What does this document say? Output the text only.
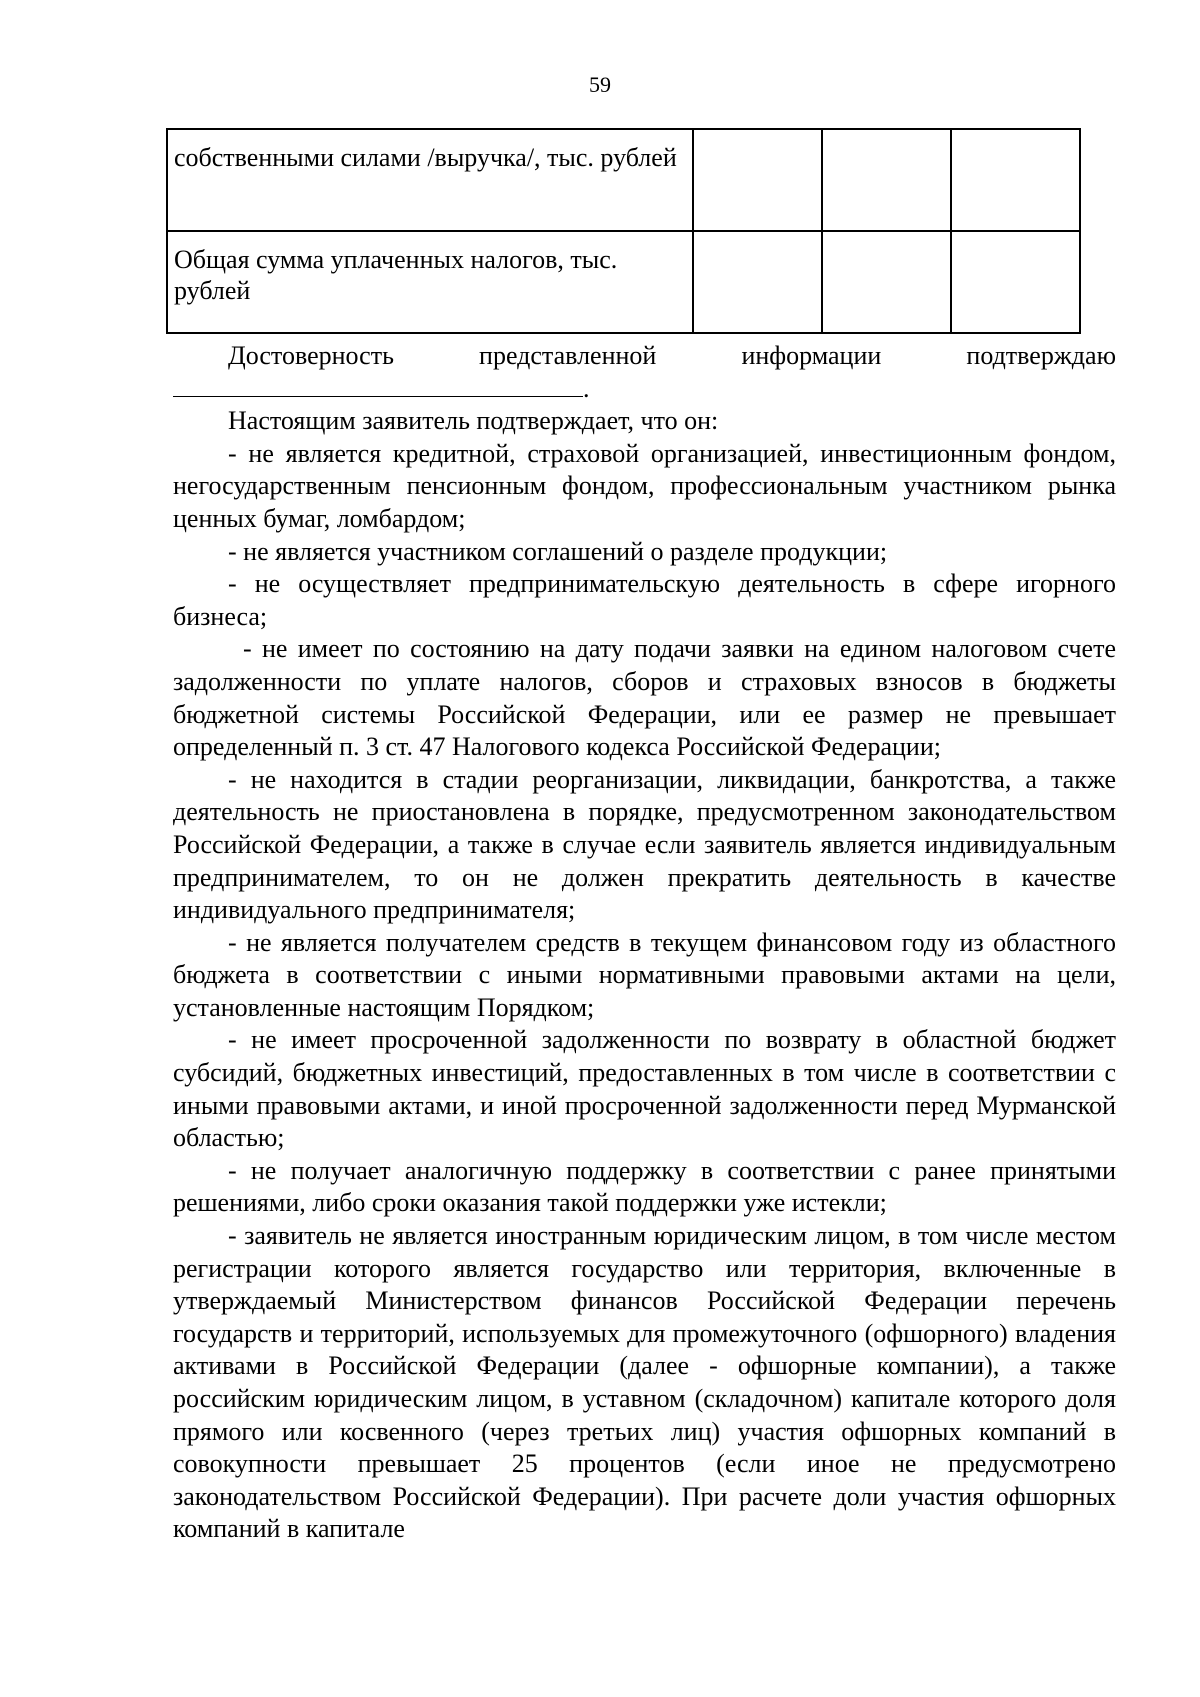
59
собственными силами /выручка/, тыс. рублей			
Общая сумма уплаченных налогов, тыс. рублей			

Достоверность представленной информации подтверждаю

.

Настоящим заявитель подтверждает, что он:

- не является кредитной, страховой организацией, инвестиционным фондом, негосударственным пенсионным фондом, профессиональным участником рынка ценных бумаг, ломбардом;

- не является участником соглашений о разделе продукции;

- не осуществляет предпринимательскую деятельность в сфере игорного бизнеса;

- не имеет по состоянию на дату подачи заявки на едином налоговом счете задолженности по уплате налогов, сборов и страховых взносов в бюджеты бюджетной системы Российской Федерации, или ее размер не превышает определенный п. 3 ст. 47 Налогового кодекса Российской Федерации;

- не находится в стадии реорганизации, ликвидации, банкротства, а также деятельность не приостановлена в порядке, предусмотренном законодательством Российской Федерации, а также в случае если заявитель является индивидуальным предпринимателем, то он не должен прекратить деятельность в качестве индивидуального предпринимателя;

- не является получателем средств в текущем финансовом году из областного бюджета в соответствии с иными нормативными правовыми актами на цели, установленные настоящим Порядком;

- не имеет просроченной задолженности по возврату в областной бюджет субсидий, бюджетных инвестиций, предоставленных в том числе в соответствии с иными правовыми актами, и иной просроченной задолженности перед Мурманской областью;

- не получает аналогичную поддержку в соответствии с ранее принятыми решениями, либо сроки оказания такой поддержки уже истекли;

- заявитель не является иностранным юридическим лицом, в том числе местом регистрации которого является государство или территория, включенные в утверждаемый Министерством финансов Российской Федерации перечень государств и территорий, используемых для промежуточного (офшорного) владения активами в Российской Федерации (далее - офшорные компании), а также российским юридическим лицом, в уставном (складочном) капитале которого доля прямого или косвенного (через третьих лиц) участия офшорных компаний в совокупности превышает 25 процентов (если иное не предусмотрено законодательством Российской Федерации). При расчете доли участия офшорных компаний в капитале
